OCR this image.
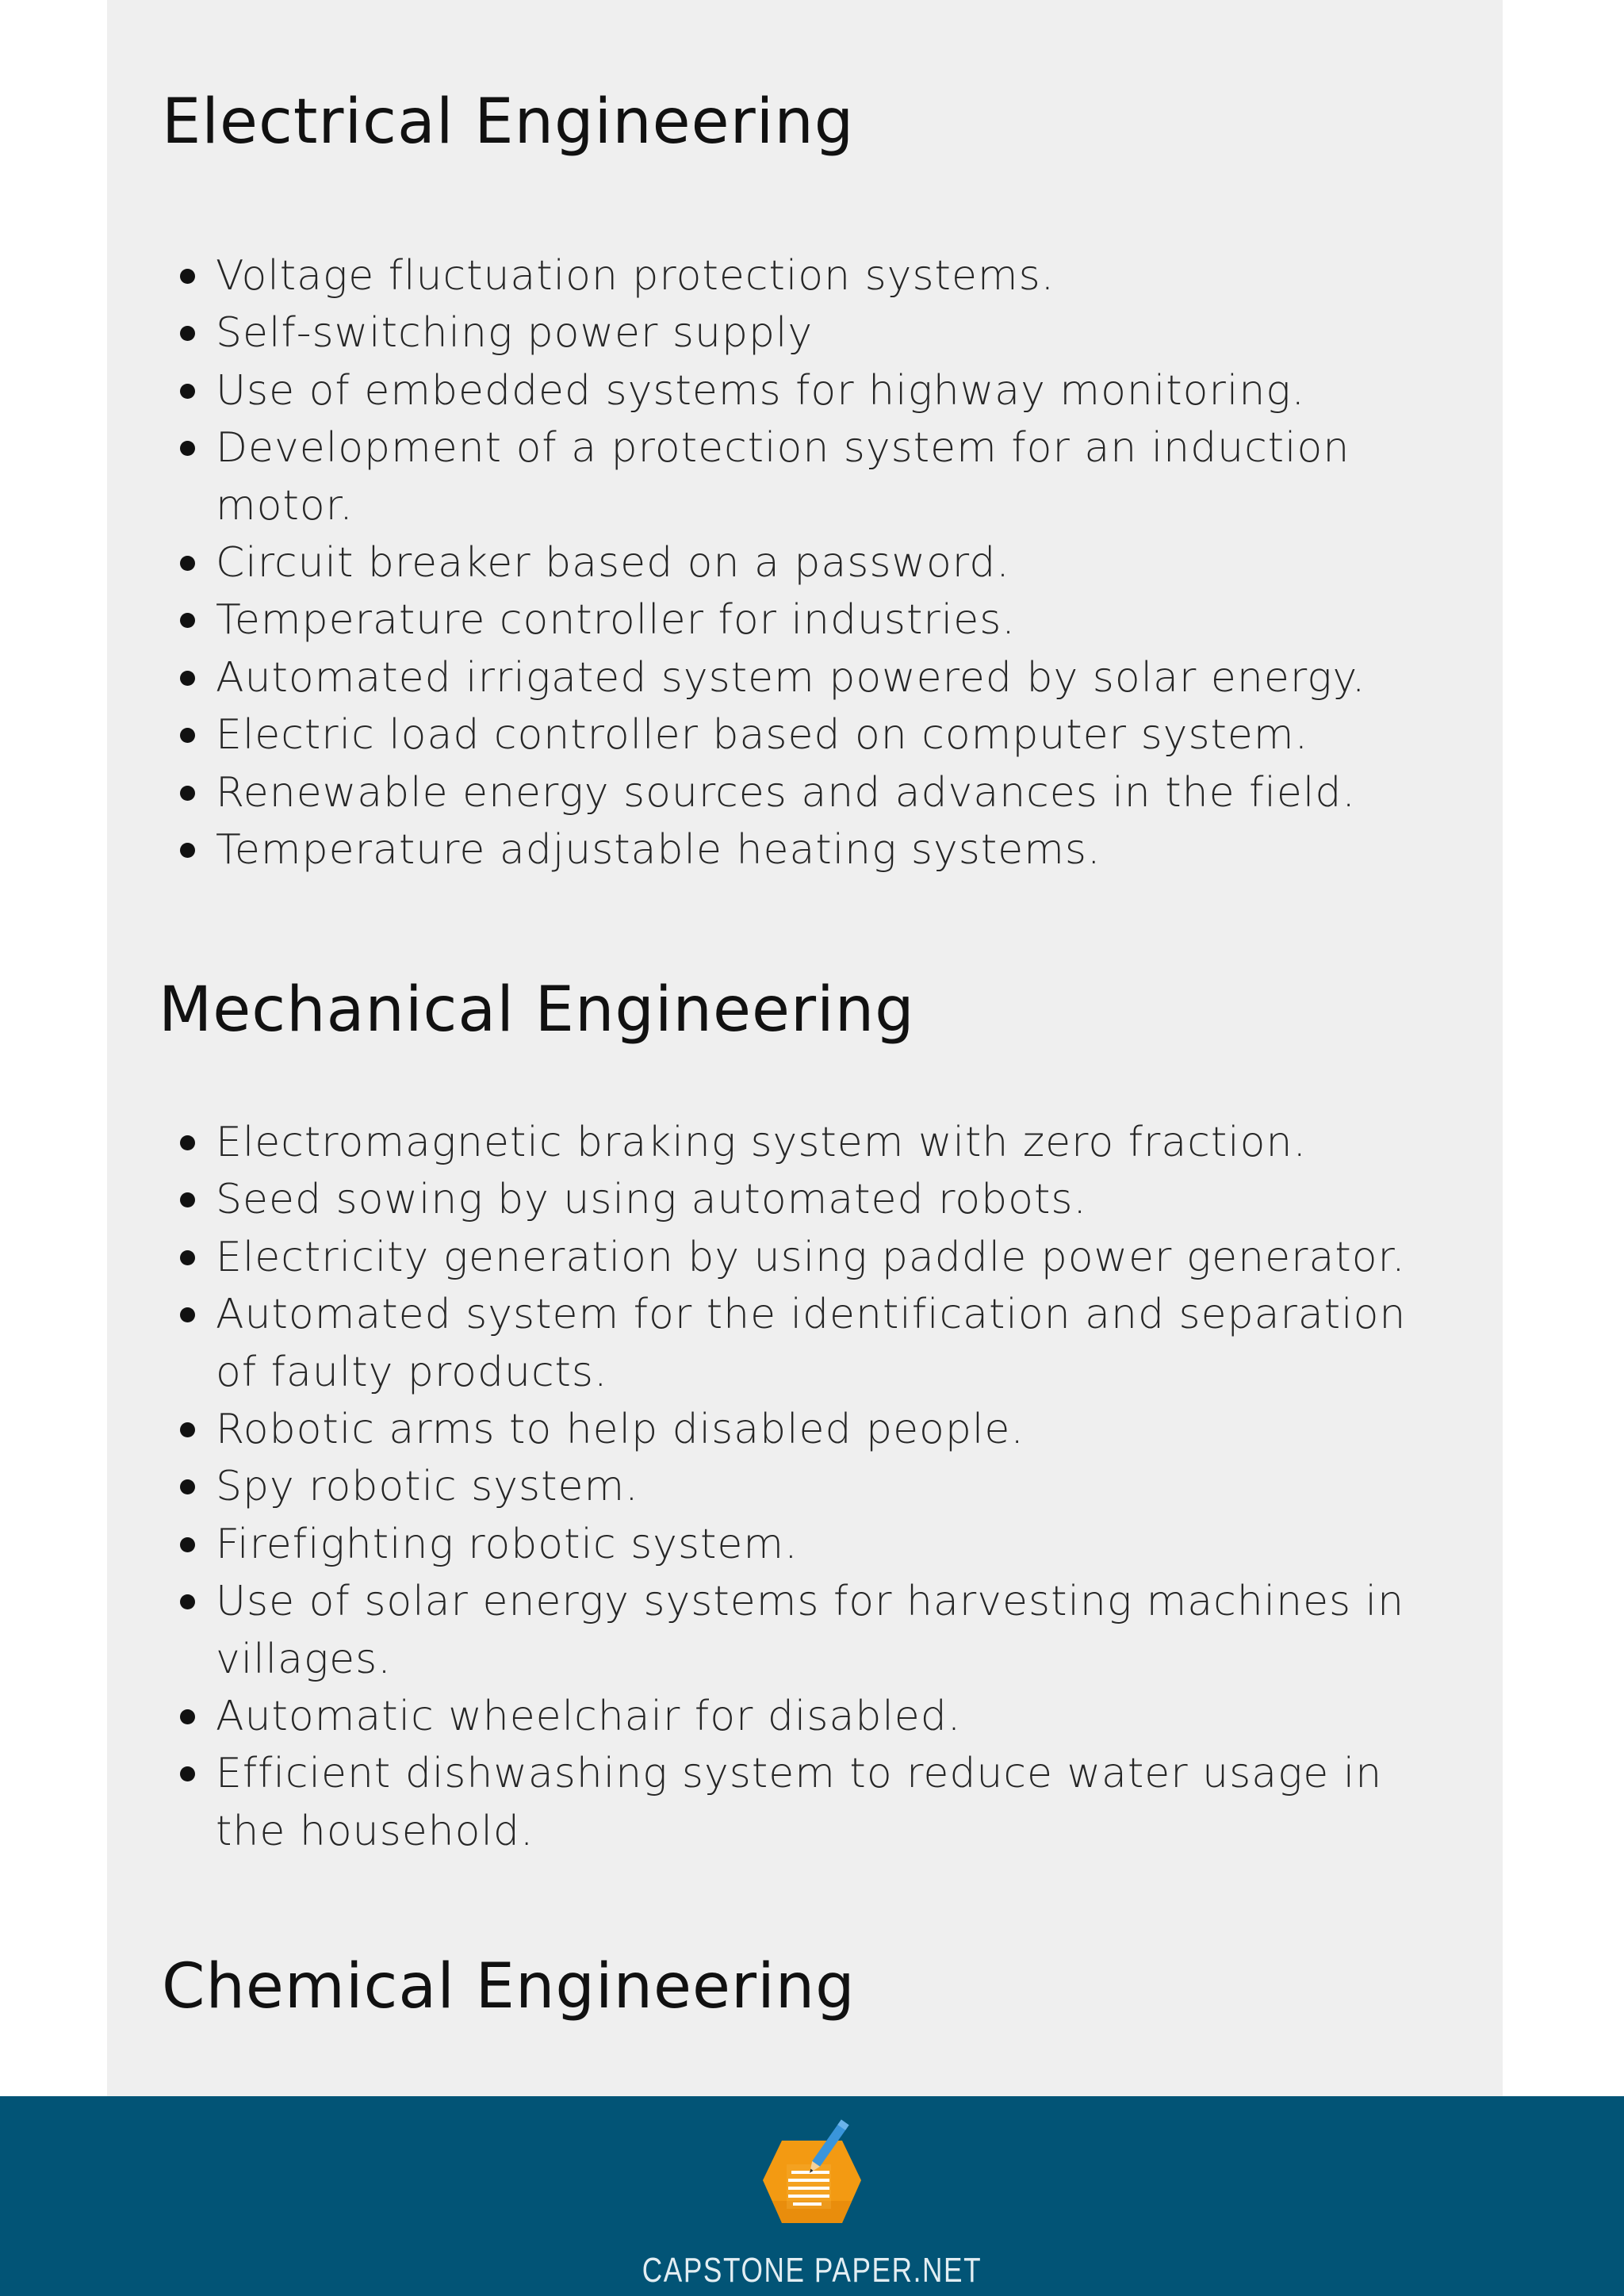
Electrical Engineering
Voltage fluctuation protection systems.
Self-switching power supply
Use of embedded systems for highway monitoring.
Development of a protection system for an induction motor.
Circuit breaker based on a password.
Temperature controller for industries.
Automated irrigated system powered by solar energy.
Electric load controller based on computer system.
Renewable energy sources and advances in the field.
Temperature adjustable heating systems.
Mechanical Engineering
Electromagnetic braking system with zero fraction.
Seed sowing by using automated robots.
Electricity generation by using paddle power generator.
Automated system for the identification and separation of faulty products.
Robotic arms to help disabled people.
Spy robotic system.
Firefighting robotic system.
Use of solar energy systems for harvesting machines in villages.
Automatic wheelchair for disabled.
Efficient dishwashing system to reduce water usage in the household.
Chemical Engineering
CAPSTONE PAPER.NET
